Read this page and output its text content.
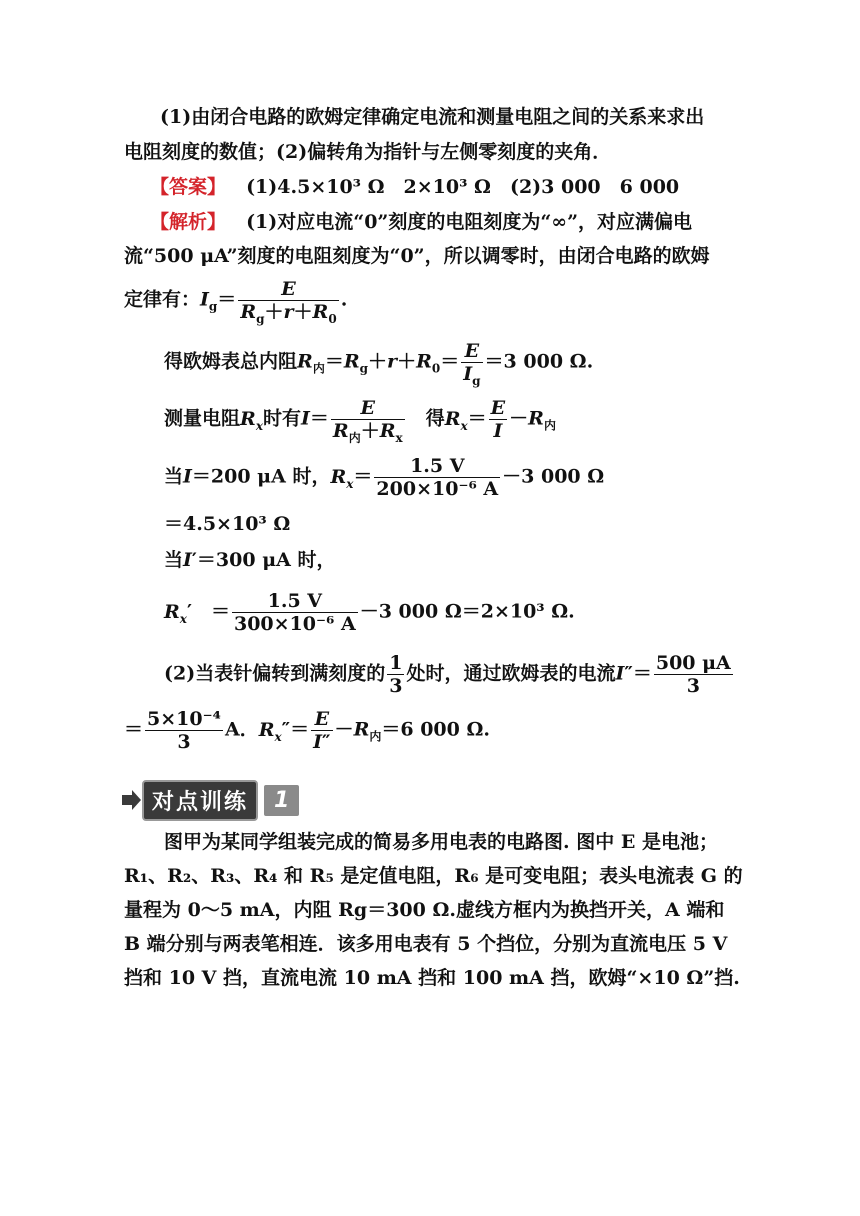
(1)由闭合电路的欧姆定律确定电流和测量电阻之间的关系来求出
电阻刻度的数值；(2)偏转角为指针与左侧零刻度的夹角．
【答案】 (1)4.5×10³ Ω　2×10³ Ω　(2)3 000　6 000
【解析】 (1)对应电流“0”刻度的电阻刻度为“∞”，对应满偏电
流“500 μA”刻度的电阻刻度为“0”，所以调零时，由闭合电路的欧姆
定律有：$I_g= \frac{E}{R_g+r+R_0}$ .
得欧姆表总内阻$R_内=R_g+r+R_0= \frac{E}{I_g} =3$ 000 Ω.
测量电阻$R_x$时有$I= \frac{E}{R_内+R_x}$
　 得$R_x= \frac{E}{I} -R_内$
当I＝200 μA 时，$R_x= \frac{1.5 V}{\text{200×10⁻⁶ A}} -3$ 000 Ω
＝4.5×10³ Ω
当I′＝300 μA 时，
$R_x'$　＝ $\frac{1.5 V}{\text{300×10⁻⁶ A}} -3$ 000 Ω＝2×10³ Ω.
(2)当表针偏转到满刻度的 $\frac{1}{3}$ 处时，通过欧姆表的电流$I''= \frac{500 \mu A}{3}$
＝ $\frac{\text{5×10⁻⁴}}{3}$ A．$R_x''= \frac{E}{I''} -R_内=6$ 000 Ω.
对点训练	1
图甲为某同学组装完成的简易多用电表的电路图. 图中 E 是电池；R₁、R₂、R₃、R₄ 和 R₅ 是定值电阻，R₆ 是可变电阻；表头电流表 G 的量程为 0～5 mA，内阻 Rg＝300 Ω.虚线方框内为换挡开关，A 端和 B 端分别与两表笔相连．该多用电表有 5 个挡位，分别为直流电压 5 V 挡和 10 V 挡，直流电流 10 mA 挡和 100 mA 挡，欧姆“×10 Ω”挡.
